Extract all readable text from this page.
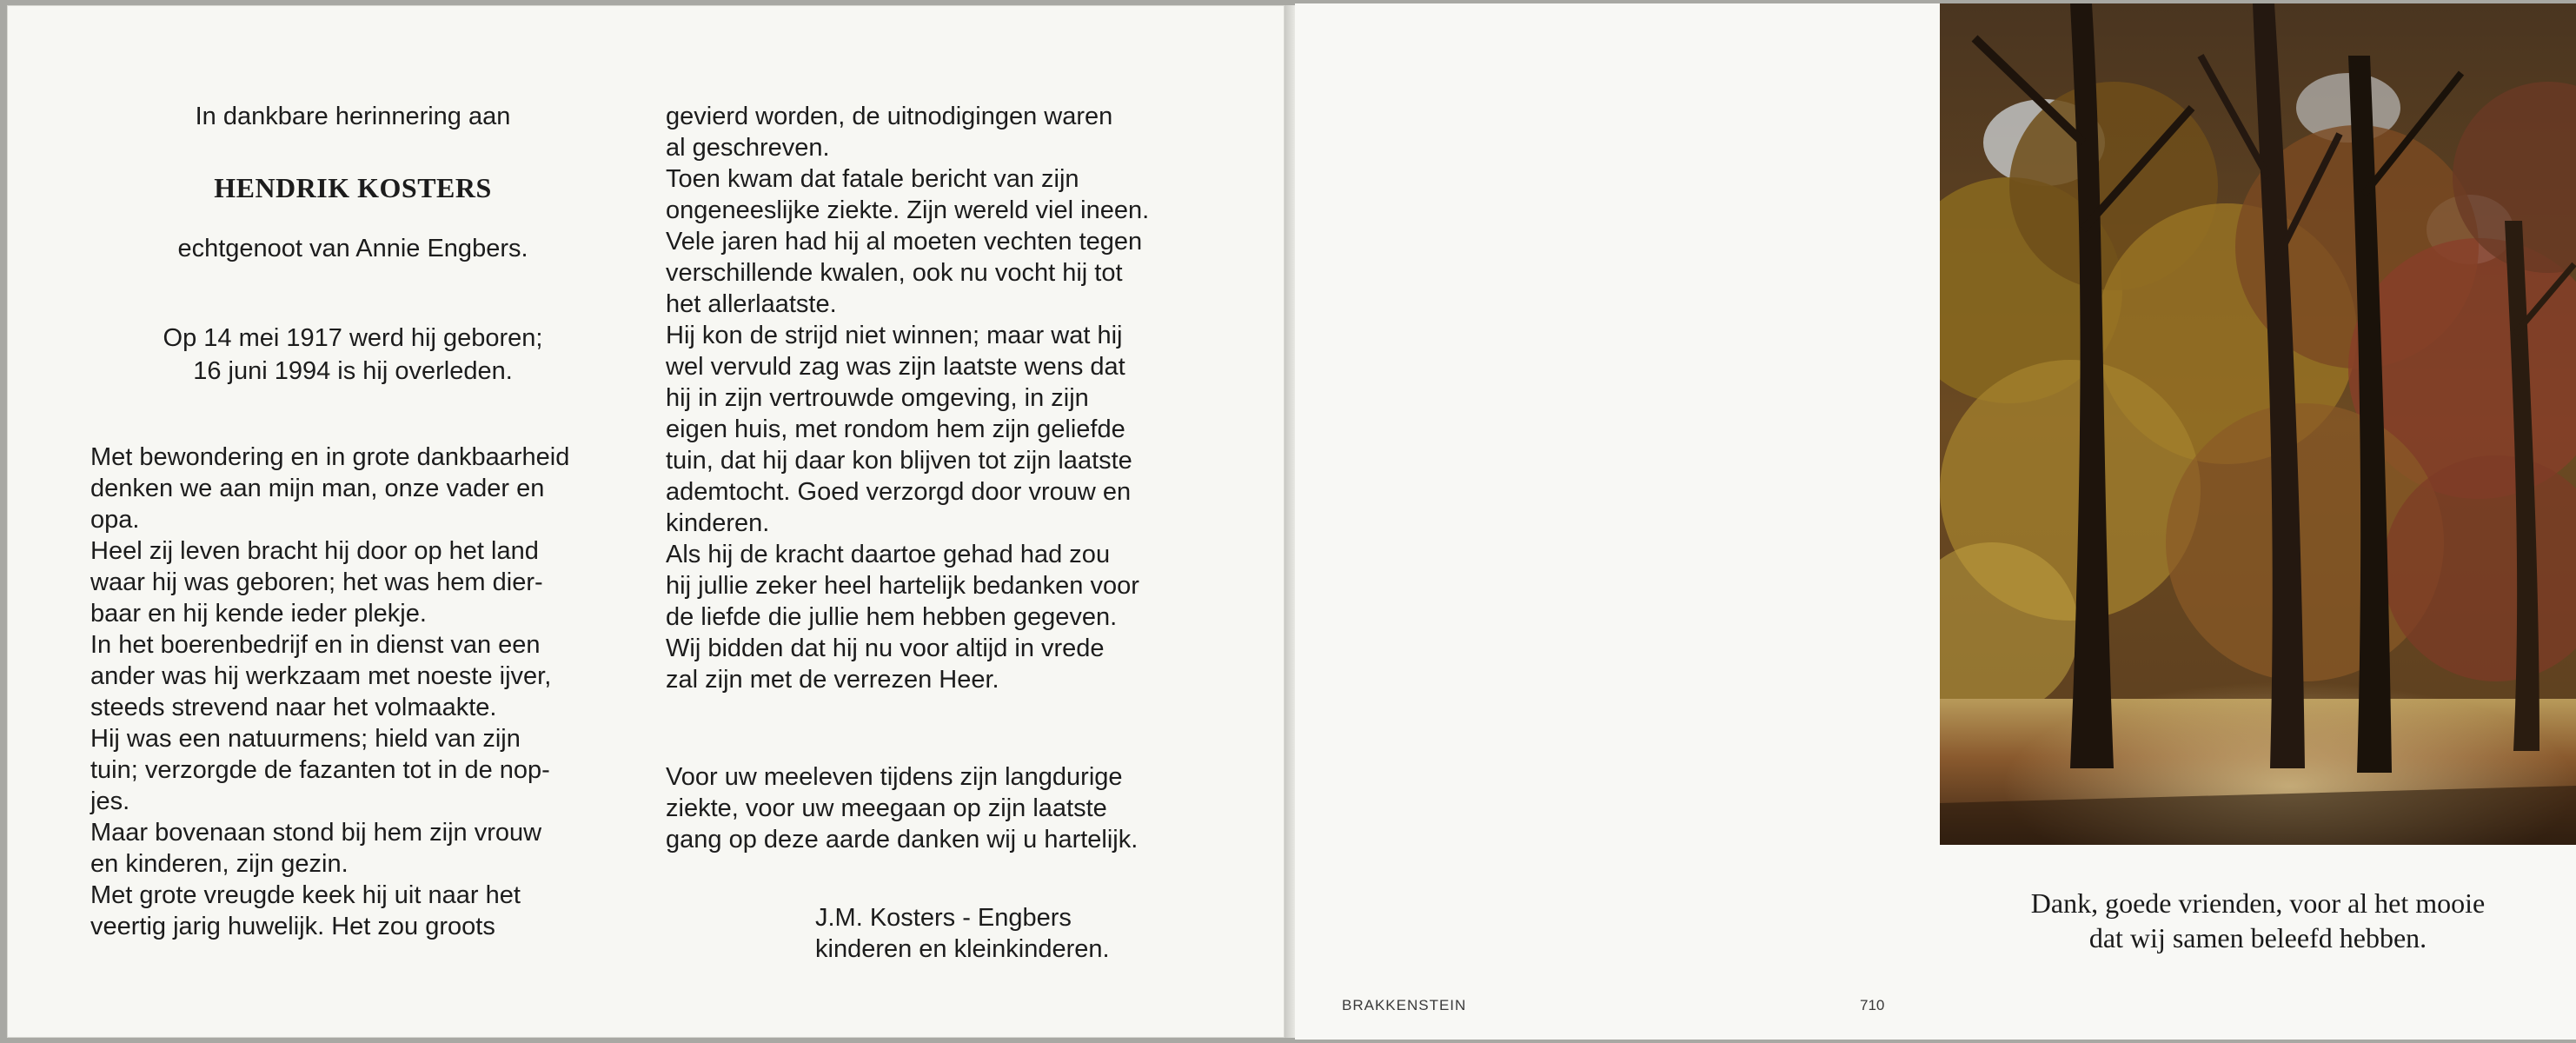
In dankbare herinnering aan
HENDRIK KOSTERS
echtgenoot van Annie Engbers.
Op 14 mei 1917 werd hij geboren;
16 juni 1994 is hij overleden.
Met bewondering en in grote dankbaarheid
denken we aan mijn man, onze vader en
opa.
Heel zij leven bracht hij door op het land
waar hij was geboren; het was hem dier-
baar en hij kende ieder plekje.
In het boerenbedrijf en in dienst van een
ander was hij werkzaam met noeste ijver,
steeds strevend naar het volmaakte.
Hij was een natuurmens; hield van zijn
tuin; verzorgde de fazanten tot in de nop-
jes.
Maar bovenaan stond bij hem zijn vrouw
en kinderen, zijn gezin.
Met grote vreugde keek hij uit naar het
veertig jarig huwelijk. Het zou groots
gevierd worden, de uitnodigingen waren
al geschreven.
Toen kwam dat fatale bericht van zijn
ongeneeslijke ziekte. Zijn wereld viel ineen.
Vele jaren had hij al moeten vechten tegen
verschillende kwalen, ook nu vocht hij tot
het allerlaatste.
Hij kon de strijd niet winnen; maar wat hij
wel vervuld zag was zijn laatste wens dat
hij in zijn vertrouwde omgeving, in zijn
eigen huis, met rondom hem zijn geliefde
tuin, dat hij daar kon blijven tot zijn laatste
ademtocht. Goed verzorgd door vrouw en
kinderen.
Als hij de kracht daartoe gehad had zou
hij jullie zeker heel hartelijk bedanken voor
de liefde die jullie hem hebben gegeven.
Wij bidden dat hij nu voor altijd in vrede
zal zijn met de verrezen Heer.
Voor uw meeleven tijdens zijn langdurige
ziekte, voor uw meegaan op zijn laatste
gang op deze aarde danken wij u hartelijk.
J.M. Kosters - Engbers
kinderen en kleinkinderen.
Dank, goede vrienden, voor al het mooie
dat wij samen beleefd hebben.
BRAKKENSTEIN	710
